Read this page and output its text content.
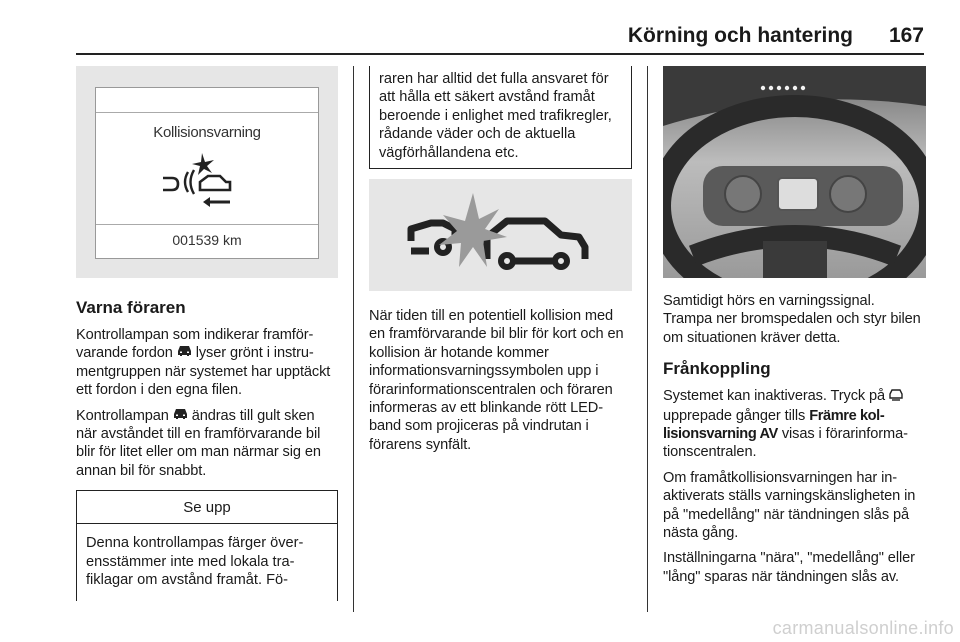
Körning och hantering 167
Kollisionsvarning
001539 km
Varna föraren

Kontrollampan som indikerar framförvarande fordon lyser grönt i instrumentgruppen när systemet har upptäckt ett fordon i den egna filen.

Kontrollampan ändras till gult sken när avståndet till en framförvarande bil blir för litet eller om man närmar sig en annan bil för snabbt.

Se upp
Denna kontrollampas färger överensstämmer inte med lokala trafiklagar om avstånd framåt. Fö-
raren har alltid det fulla ansvaret för att hålla ett säkert avstånd framåt beroende i enlighet med trafikregler, rådande väder och de aktuella vägförhållandena etc.

När tiden till en potentiell kollision med en framförvarande bil blir för kort och en kollision är hotande kommer informationsvarningssymbolen upp i förarinformationscentralen och föraren informeras av ett blinkande rött LED-band som projiceras på vindrutan i förarens synfält.

Samtidigt hörs en varningssignal. Trampa ner bromspedalen och styr bilen om situationen kräver detta.

Frånkoppling

Systemet kan inaktiveras. Tryck på  upprepade gånger tills Främre kollisionsvarning AV visas i förarinformationscentralen.

Om framåtkollisionsvarningen har inaktiverats ställs varningskänsligheten in på "medellång" när tändningen slås på nästa gång.

Inställningarna "nära", "medellång" eller "lång" sparas när tändningen slås av.

carmanualsonline.info
